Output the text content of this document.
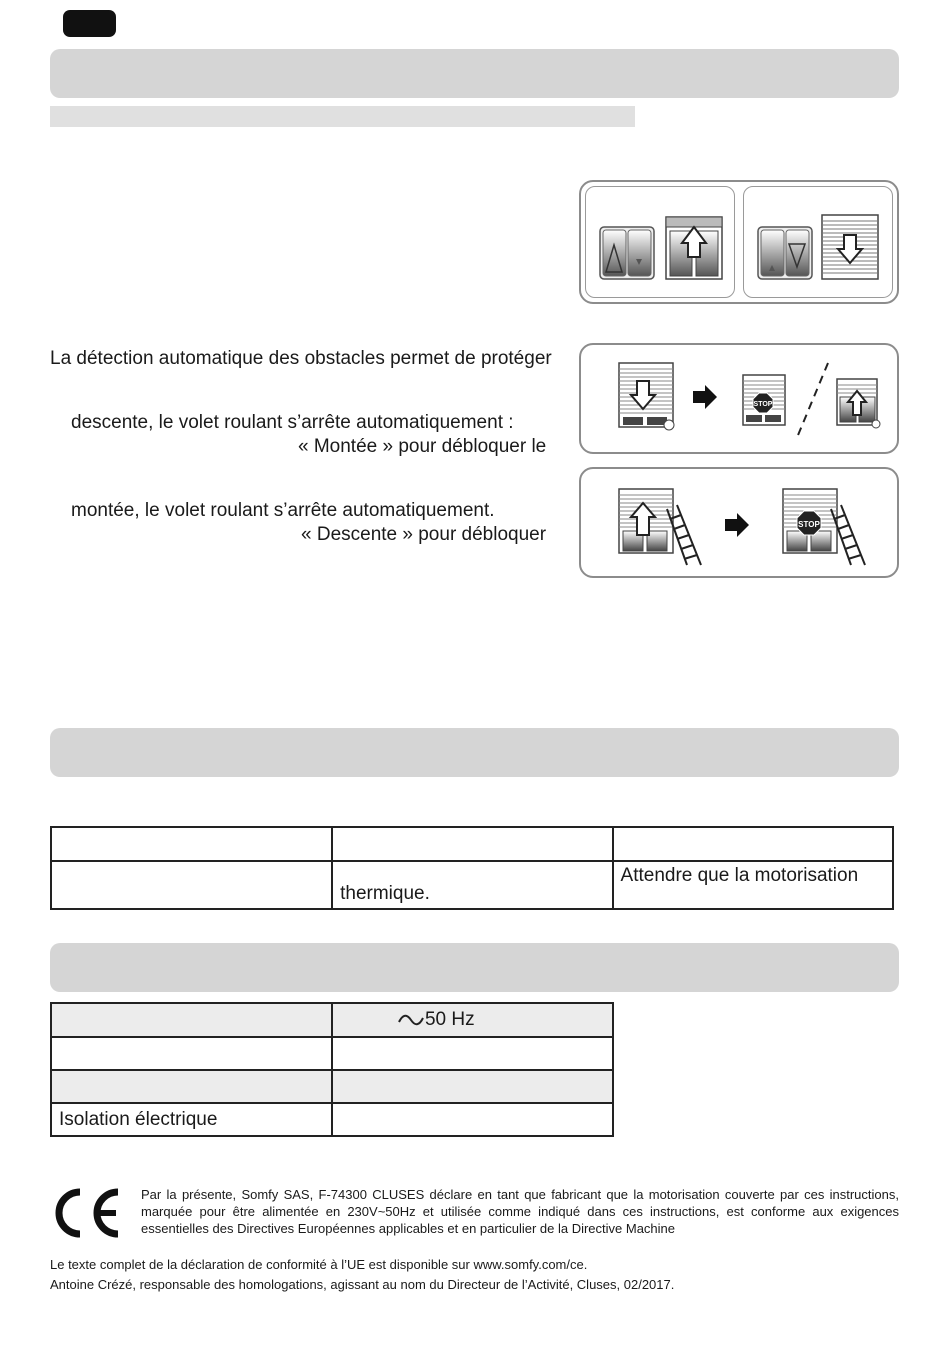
La détection automatique des obstacles permet de protéger
descente, le volet roulant s’arrête automatiquement :
« Montée » pour débloquer le
montée, le volet roulant s’arrête automatiquement.
« Descente » pour débloquer
STOP
STOP

	thermique.	Attendre que la motorisation
	50 Hz

Isolation électrique	
Par la présente, Somfy SAS, F-74300 CLUSES déclare en tant que fabricant que la motorisation couverte par ces instructions, marquée pour être alimentée en 230V~50Hz et utilisée comme indiqué dans ces instructions, est conforme aux exigences essentielles des Directives Européennes applicables et en particulier de la Directive Machine
Le texte complet de la déclaration de conformité à l’UE est disponible sur www.somfy.com/ce.
Antoine Crézé, responsable des homologations, agissant au nom du Directeur de l’Activité, Cluses, 02/2017.
